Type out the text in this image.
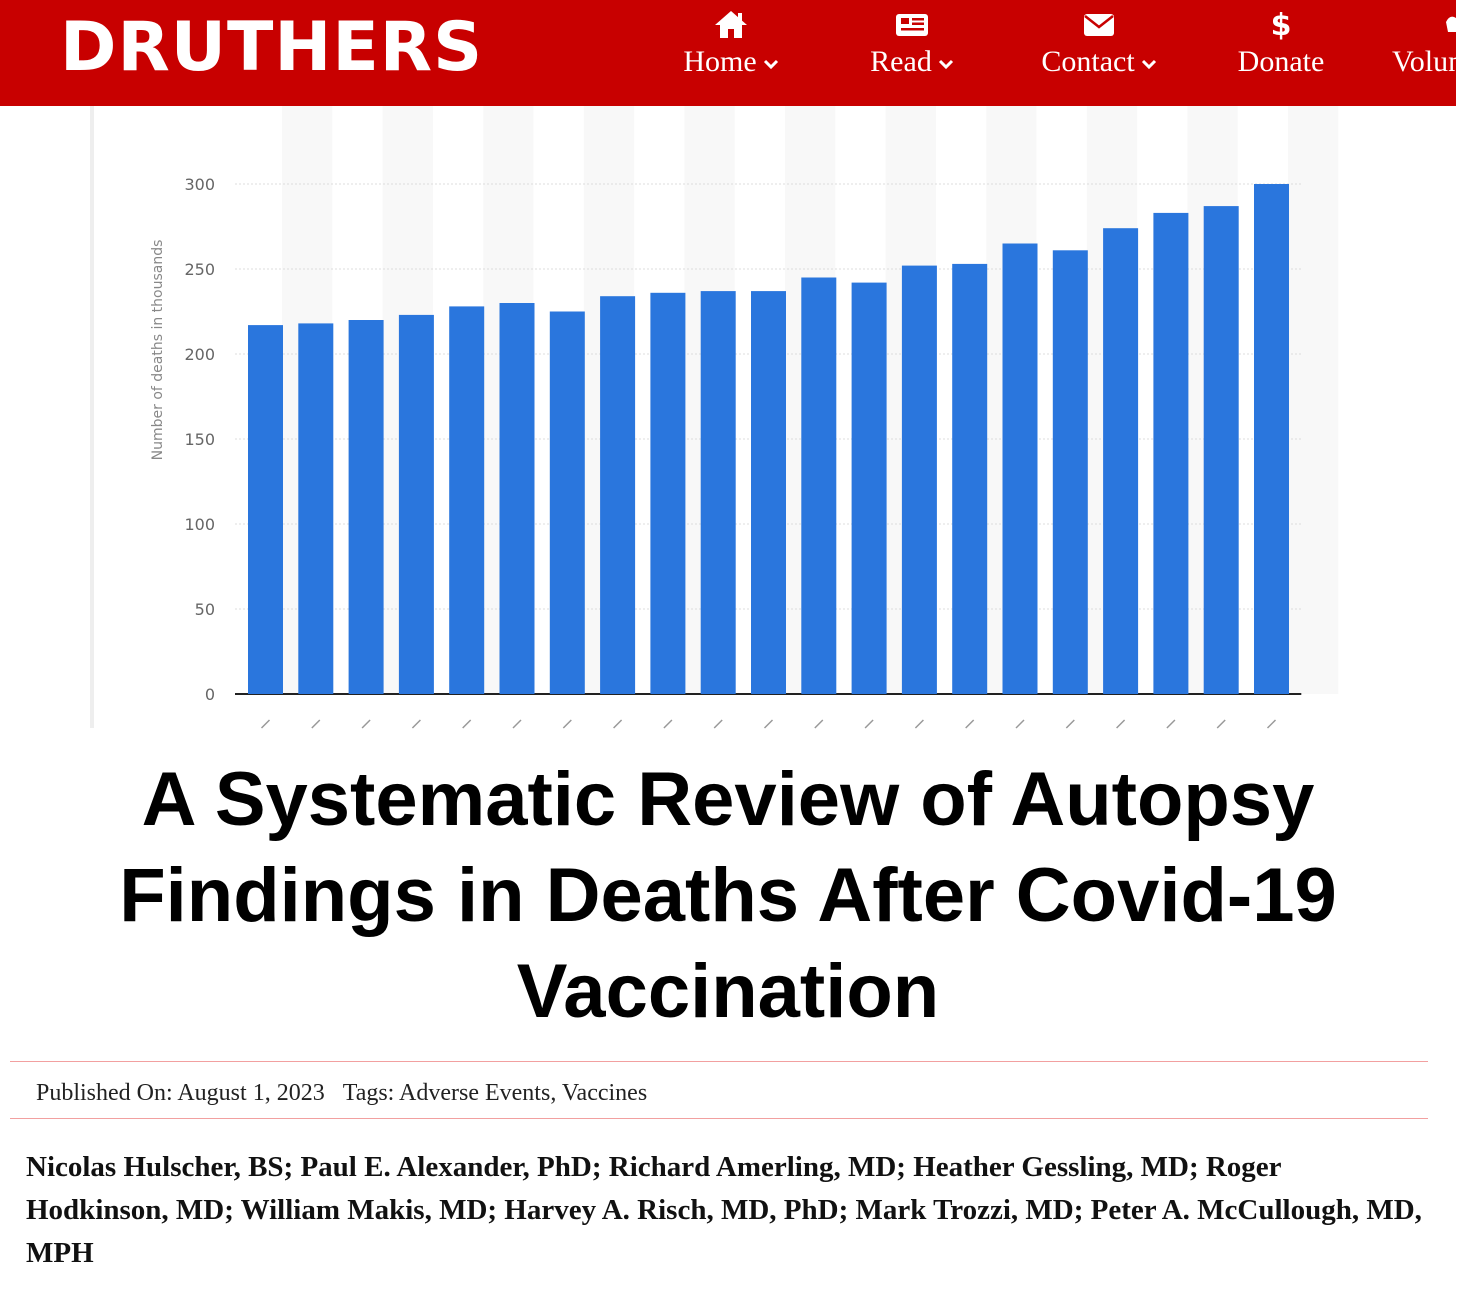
DRUTHERS	Home	Read	Contact
$
Donate Volun
Number of deaths in thousands
0
50
100
150
200
250
300
A Systematic Review of Autopsy Findings in Deaths After Covid-19 Vaccination
Published On: August 1, 2023 Tags: Adverse Events, Vaccines

Nicolas Hulscher, BS; Paul E. Alexander, PhD; Richard Amerling, MD; Heather Gessling, MD; Roger Hodkinson, MD; William Makis, MD; Harvey A. Risch, MD, PhD; Mark Trozzi, MD; Peter A. McCullough, MD, MPH
